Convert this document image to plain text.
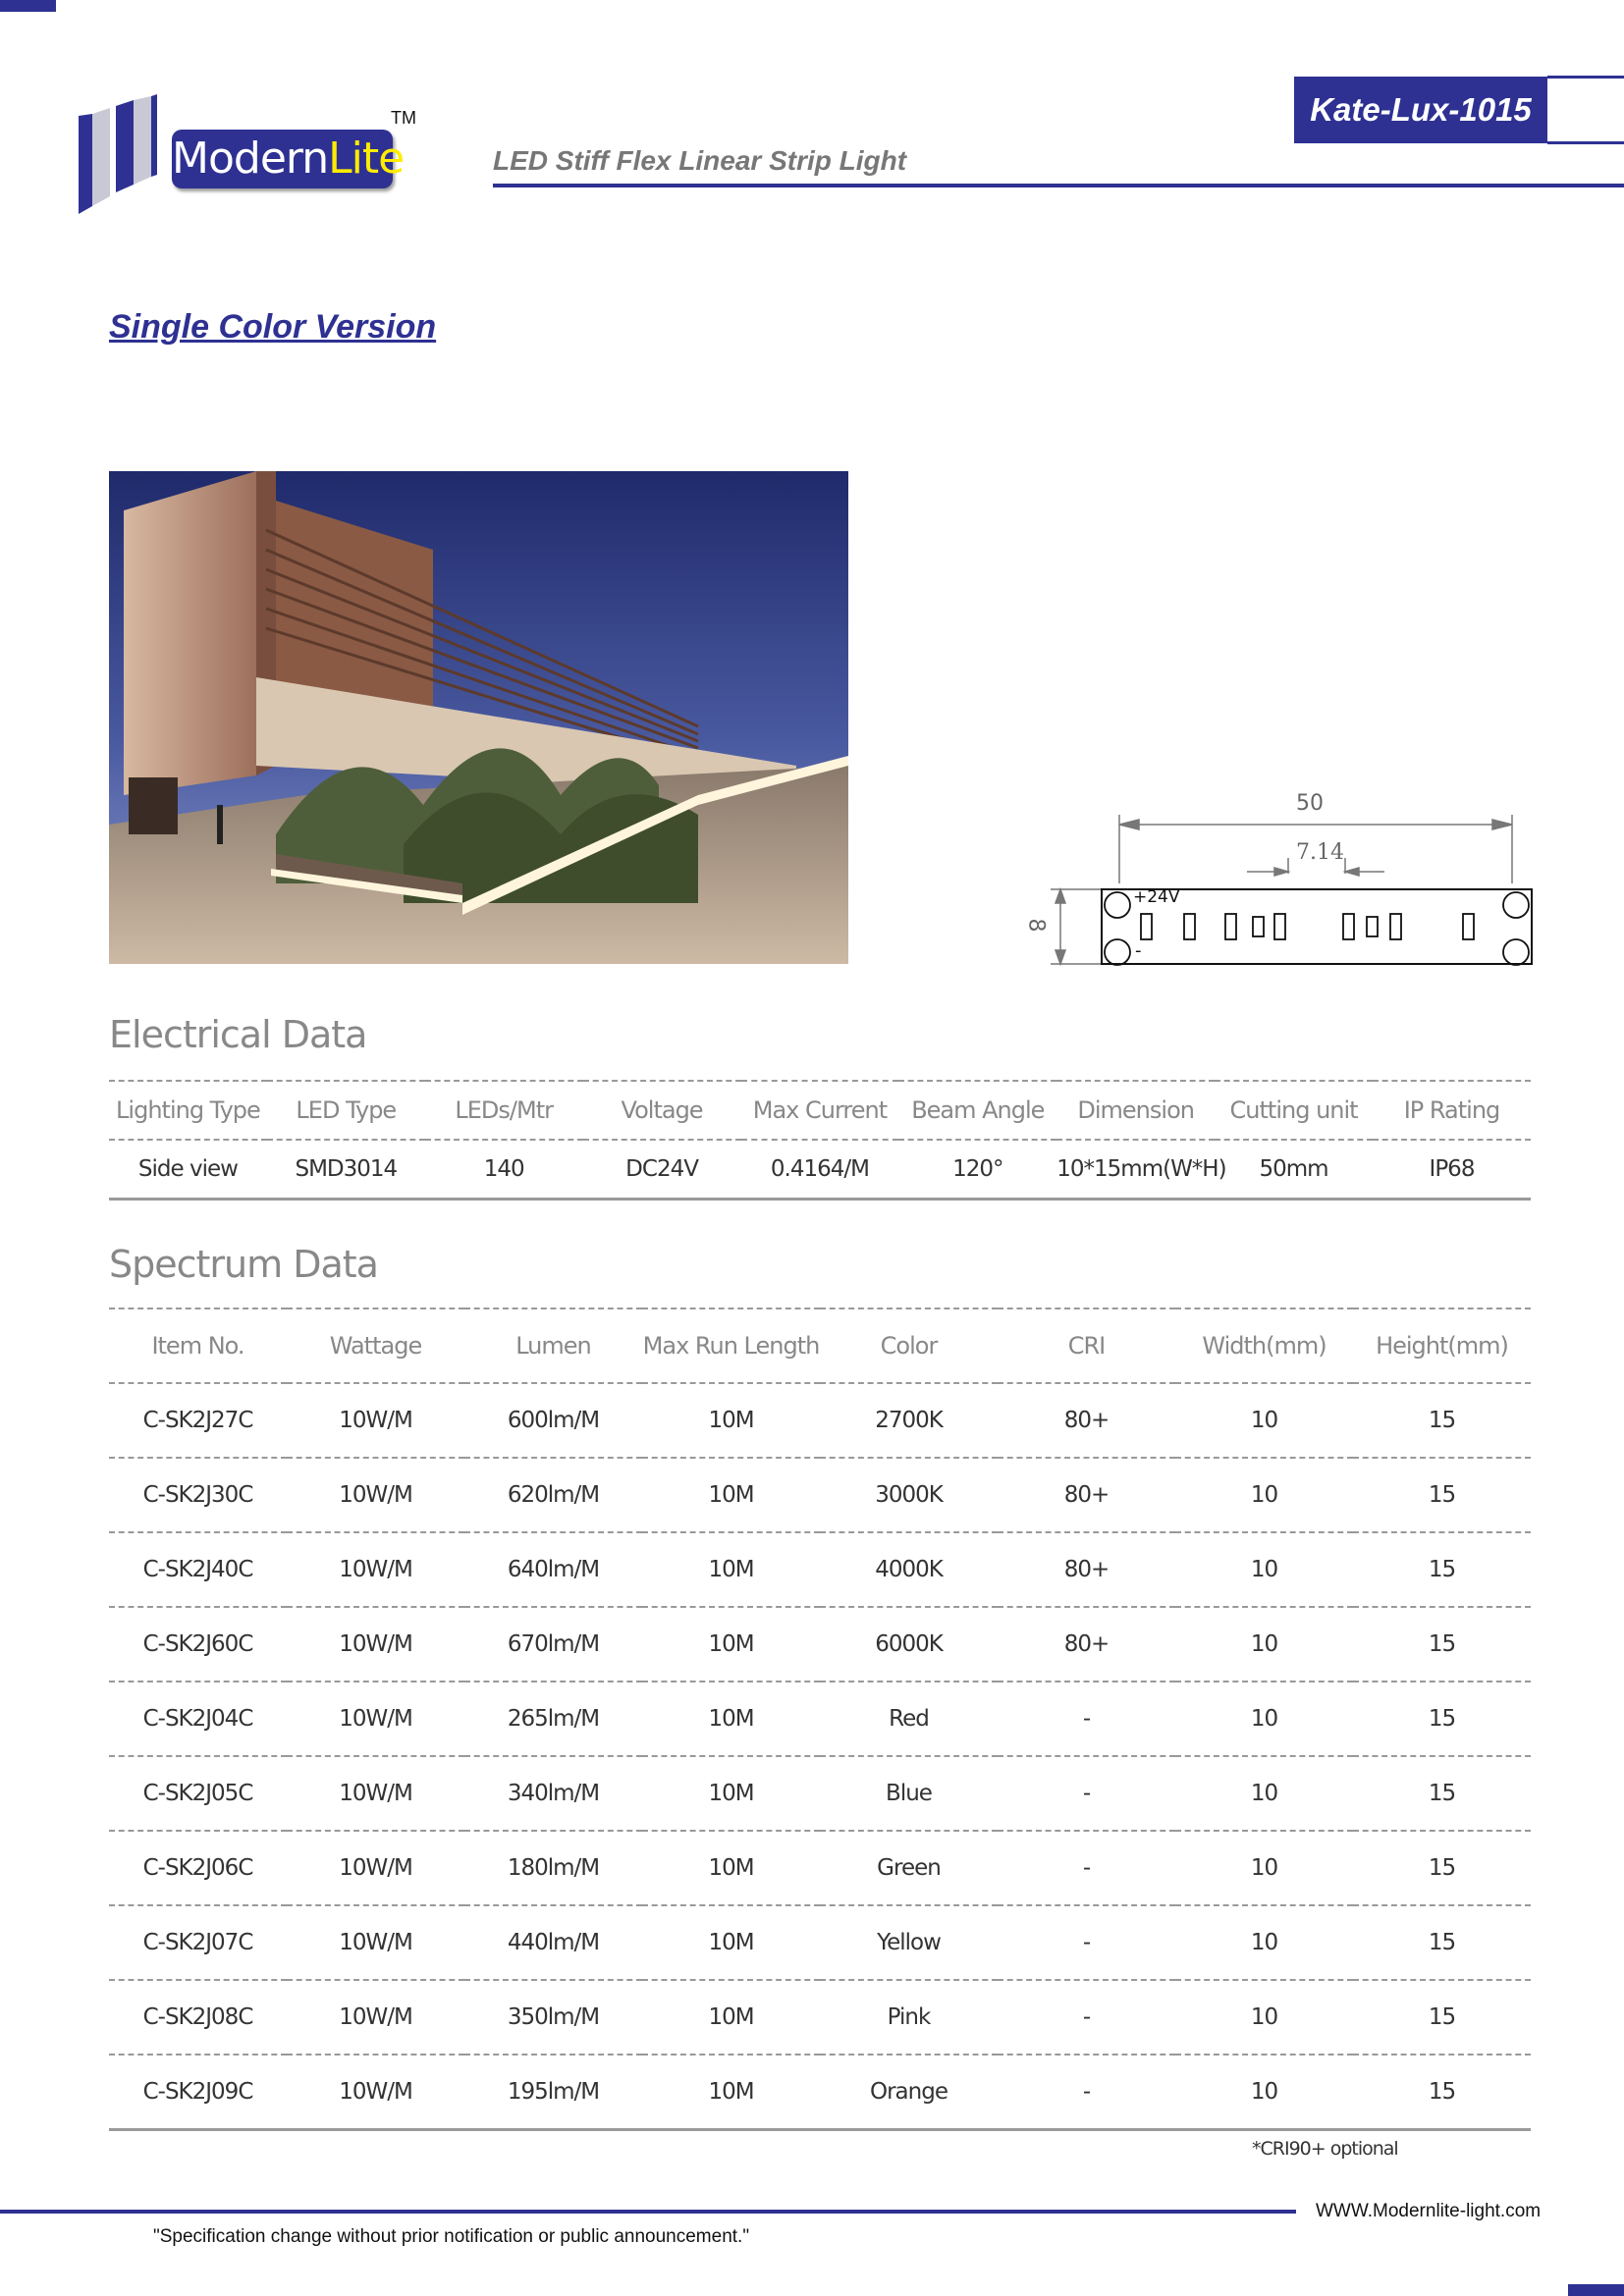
ModernLite
TM	Kate-Lux-1015
LED Stiff Flex Linear Strip Light
Single Color Version
50
7.14
8
+24V
-
Electrical Data
Lighting Type	LED Type	LEDs/Mtr	Voltage	Max Current	Beam Angle	Dimension	Cutting unit	IP Rating
Side view	SMD3014	140	DC24V	0.4164/M	120°	10*15mm(W*H)	50mm	IP68
Spectrum Data
Item No.	Wattage	Lumen	Max Run Length	Color	CRI	Width(mm)	Height(mm)
C-SK2J27C	10W/M	600lm/M	10M	2700K	80+	10	15
C-SK2J30C	10W/M	620lm/M	10M	3000K	80+	10	15
C-SK2J40C	10W/M	640lm/M	10M	4000K	80+	10	15
C-SK2J60C	10W/M	670lm/M	10M	6000K	80+	10	15
C-SK2J04C	10W/M	265lm/M	10M	Red	-	10	15
C-SK2J05C	10W/M	340lm/M	10M	Blue	-	10	15
C-SK2J06C	10W/M	180lm/M	10M	Green	-	10	15
C-SK2J07C	10W/M	440lm/M	10M	Yellow	-	10	15
C-SK2J08C	10W/M	350lm/M	10M	Pink	-	10	15
C-SK2J09C	10W/M	195lm/M	10M	Orange	-	10	15
*CRI90+ optional
WWW.Modernlite-light.com
"Specification change without prior notification or public announcement."
